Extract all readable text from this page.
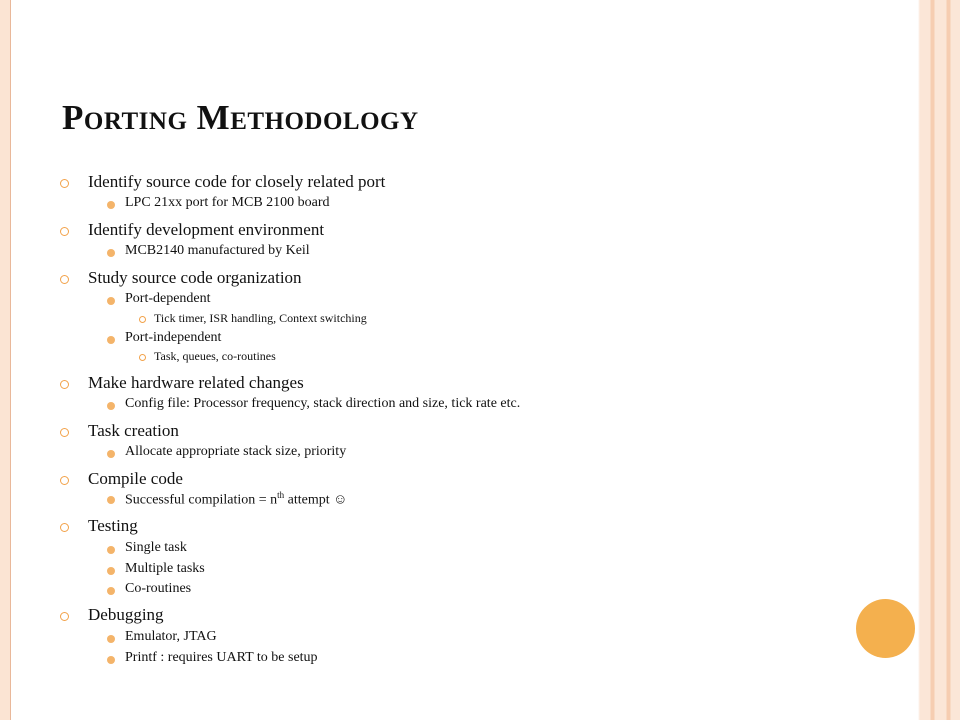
Porting Methodology
Identify source code for closely related port
LPC 21xx port for MCB 2100 board
Identify development environment
MCB2140 manufactured by Keil
Study source code organization
Port-dependent
Tick timer, ISR handling, Context switching
Port-independent
Task, queues, co-routines
Make hardware related changes
Config file: Processor frequency, stack direction and size, tick rate etc.
Task creation
Allocate appropriate stack size, priority
Compile code
Successful compilation = $n^{th}$ attempt ☺
Testing
Single task
Multiple tasks
Co-routines
Debugging
Emulator, JTAG
Printf : requires UART to be setup
